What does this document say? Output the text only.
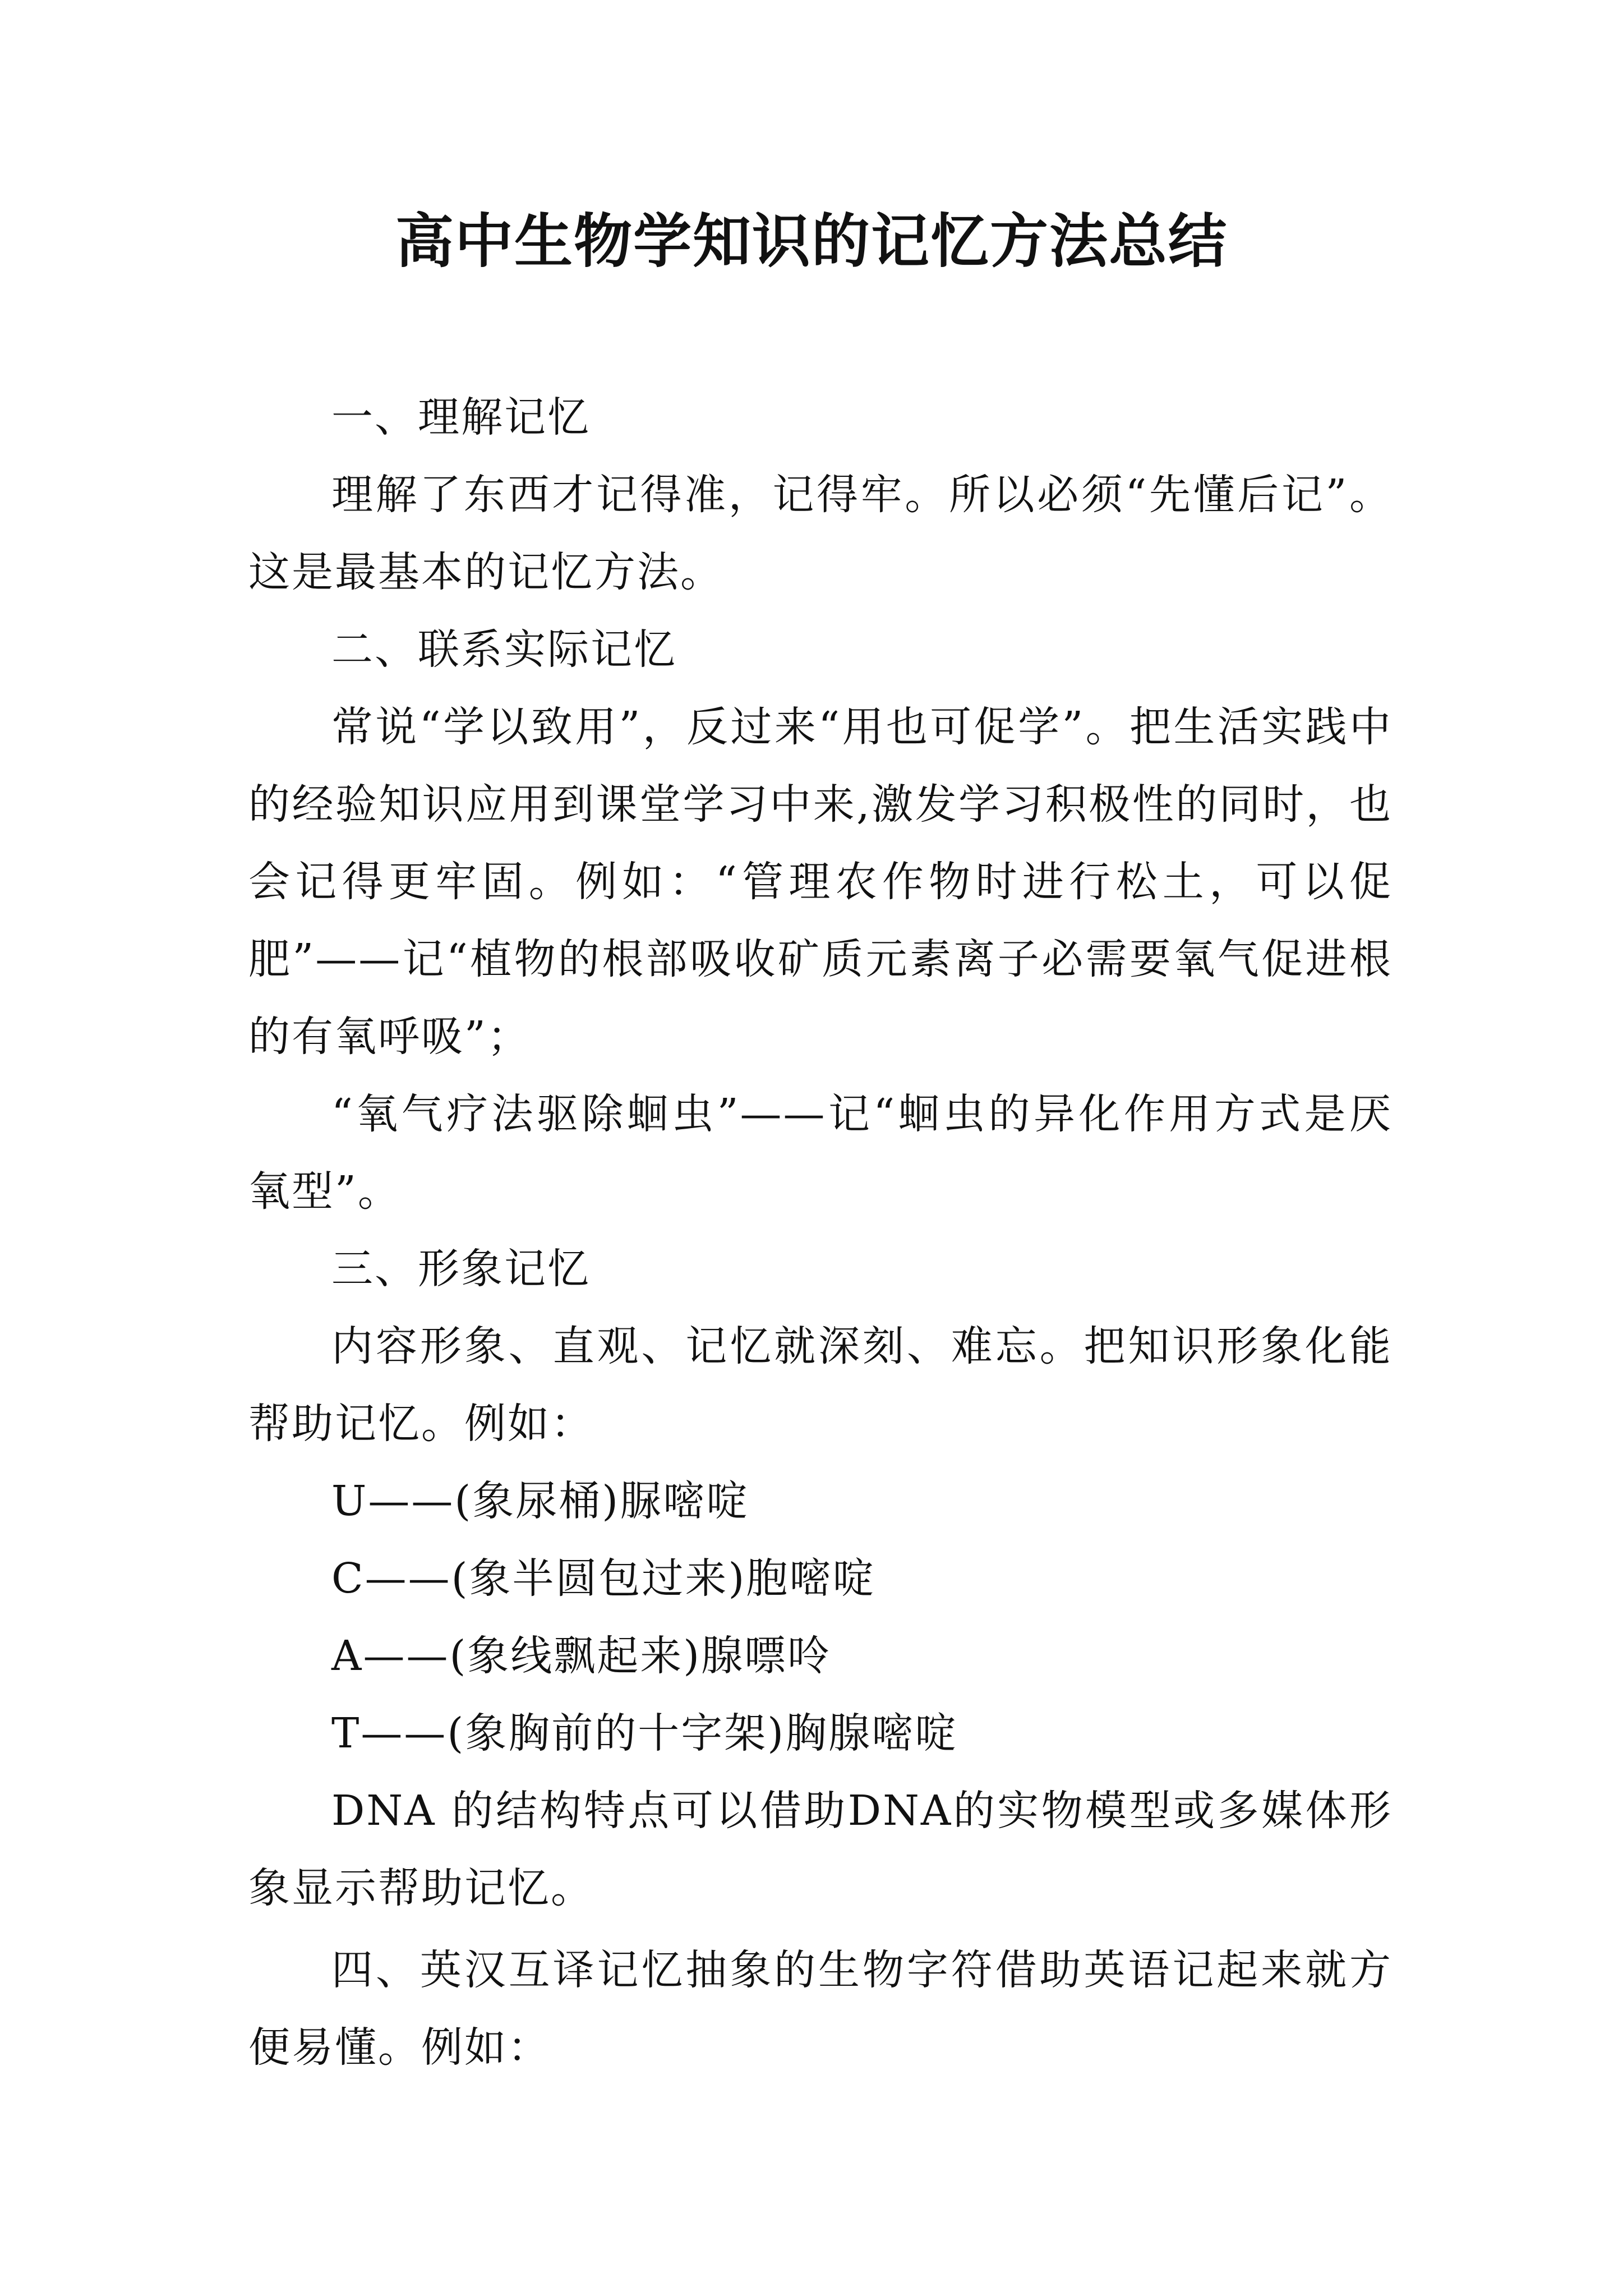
高中生物学知识的记忆方法总结

一、理解记忆

理解了东西才记得准，记得牢。所以必须“先懂后记”。这是最基本的记忆方法。

二、联系实际记忆

常说“学以致用”，反过来“用也可促学”。把生活实践中的经验知识应用到课堂学习中来,激发学习积极性的同时，也会记得更牢固。例如：“管理农作物时进行松土，可以促肥”——记“植物的根部吸收矿质元素离子必需要氧气促进根的有氧呼吸”；

“氧气疗法驱除蛔虫”——记“蛔虫的异化作用方式是厌氧型”。

三、形象记忆

内容形象、直观、记忆就深刻、难忘。把知识形象化能帮助记忆。例如：

U——(象尿桶)脲嘧啶

C——(象半圆包过来)胞嘧啶

A——(象线飘起来)腺嘌呤

T——(象胸前的十字架)胸腺嘧啶

DNA 的结构特点可以借助DNA的实物模型或多媒体形象显示帮助记忆。

四、英汉互译记忆抽象的生物字符借助英语记起来就方便易懂。例如：
